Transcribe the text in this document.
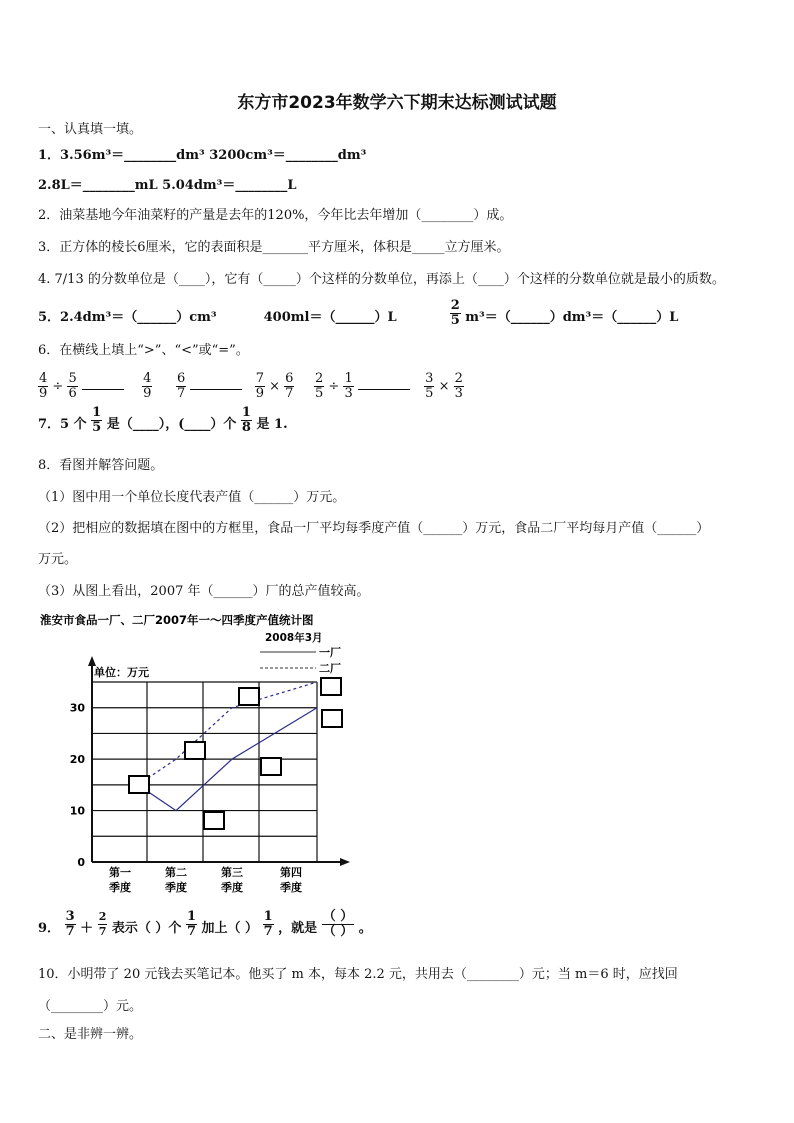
东方市2023年数学六下期末达标测试试题
一、认真填一填。
1．3.56m³＝________dm³ 3200cm³＝________dm³
2.8L＝________mL 5.04dm³＝________L
2．油菜基地今年油菜籽的产量是去年的120%，今年比去年增加（________）成。
3．正方体的棱长6厘米，它的表面积是_______平方厘米，体积是_____立方厘米。
4. 7/13 的分数单位是（____），它有（_____）个这样的分数单位，再添上（____）个这样的分数单位就是最小的质数。
5．2.4dm³＝（______）cm³	400ml＝（______）L	$\frac{2}{5}$ m³＝（______）dm³＝（______）L
6．在横线上填上“>”、“<”或“=”。
$\frac{4}{9} \div \frac{5}{6}$
	$\frac{4}{9} \frac{6}{7}$
	$\frac{7}{9} \times \frac{6}{7} \frac{2}{5} \div \frac{1}{3}$
	$\frac{3}{5} \times \frac{2}{3}$
7．5 个 $\frac{1}{5}$ 是（____），(____）个 $\frac{1}{8}$ 是 1.
8．看图并解答问题。
（1）图中用一个单位长度代表产值（______）万元。
（2）把相应的数据填在图中的方框里，食品一厂平均每季度产值（______）万元，食品二厂平均每月产值（______）
万元。
（3）从图上看出，2007 年（______）厂的总产值较高。
淮安市食品一厂、二厂2007年一～四季度产值统计图
2008年3月
一厂
二厂
单位：万元
0
10
20
30
第一
季度
第二
季度
第三
季度
第四
季度
9． $\frac{3}{7} + \frac{2}{7}$ 表示（ ）个 $\frac{1}{7}$ 加上（ ） $\frac{1}{7}$ ，就是 $\frac{( )}{( )}$ 。
10．小明带了 20 元钱去买笔记本。他买了 m 本，每本 2.2 元，共用去（________）元；当 m＝6 时，应找回
（________）元。
二、是非辨一辨。
